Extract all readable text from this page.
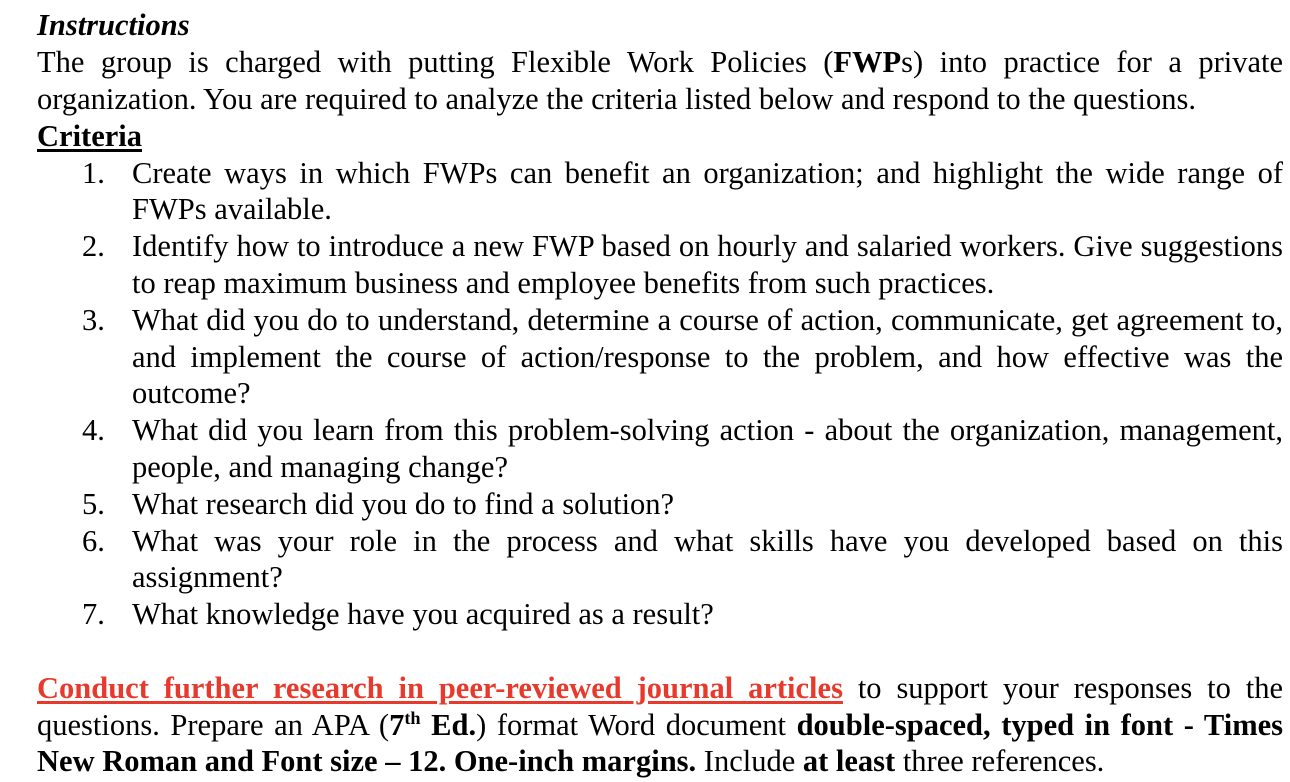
Instructions

The group is charged with putting Flexible Work Policies (FWPs) into practice for a private organization. You are required to analyze the criteria listed below and respond to the questions.

Criteria

1. Create ways in which FWPs can benefit an organization; and highlight the wide range of FWPs available.
2. Identify how to introduce a new FWP based on hourly and salaried workers. Give suggestions to reap maximum business and employee benefits from such practices.
3. What did you do to understand, determine a course of action, communicate, get agreement to, and implement the course of action/response to the problem, and how effective was the outcome?
4. What did you learn from this problem-solving action - about the organization, management, people, and managing change?
5. What research did you do to find a solution?
6. What was your role in the process and what skills have you developed based on this assignment?
7. What knowledge have you acquired as a result?

Conduct further research in peer-reviewed journal articles to support your responses to the questions. Prepare an APA (7th Ed.) format Word document double-spaced, typed in font - Times New Roman and Font size – 12. One-inch margins. Include at least three references.
